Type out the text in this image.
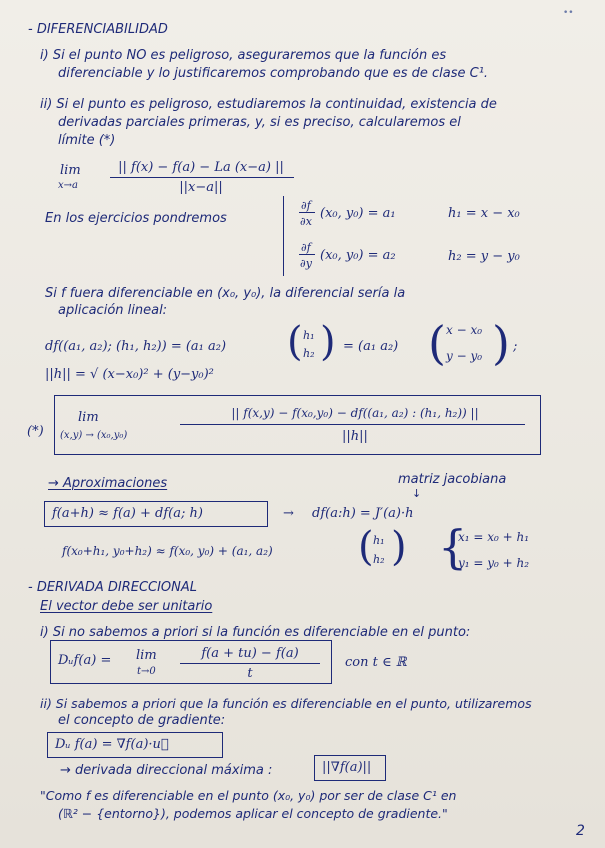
••
- DIFERENCIABILIDAD
i) Si el punto NO es peligroso, aseguraremos que la función es
diferenciable y lo justificaremos comprobando que es de clase C¹.
ii) Si el punto es peligroso, estudiaremos la continuidad, existencia de
derivadas parciales primeras, y, si es preciso, calcularemos el
límite (*)
lim
x→a
|| f(x) − f(a) − La (x−a) ||
||x−a||
En los ejercicios pondremos
∂f
∂x
(x₀, y₀) = a₁	h₁ = x − x₀
∂f
∂y
(x₀, y₀) = a₂	h₂ = y − y₀
Si f fuera diferenciable en (x₀, y₀), la diferencial sería la
aplicación lineal:
df((a₁, a₂); (h₁, h₂)) = (a₁ a₂) ( h₁
h₂ ) = (a₁ a₂) ( x − x₀
y − y₀ ) ;
||h|| = √ (x−x₀)² + (y−y₀)²
(*)
lim
(x,y) → (x₀,y₀)
|| f(x,y) − f(x₀,y₀) − df((a₁, a₂) : (h₁, h₂)) ||
||h||
→ Aproximaciones	matriz jacobiana
↓
f(a+h) ≈ f(a) + df(a; h)	→ df(a:h) = J′(a)·h
f(x₀+h₁, y₀+h₂) ≈ f(x₀, y₀) + (a₁, a₂) ( h₁
h₂ ) {
x₁ = x₀ + h₁
y₁ = y₀ + h₂
- DERIVADA DIRECCIONAL
El vector debe ser unitario
i) Si no sabemos a priori si la función es diferenciable en el punto:
Dᵤf(a) = lim
t→0
f(a + tu) − f(a)
t
con t ∈ ℝ
ii) Si sabemos a priori que la función es diferenciable en el punto, utilizaremos
el concepto de gradiente:
Dᵤ f(a) = ∇f(a)·u⃗
→ derivada direccional máxima :	||∇f(a)||
"Como f es diferenciable en el punto (x₀, y₀) por ser de clase C¹ en
(ℝ² − {entorno}), podemos aplicar el concepto de gradiente."
2
